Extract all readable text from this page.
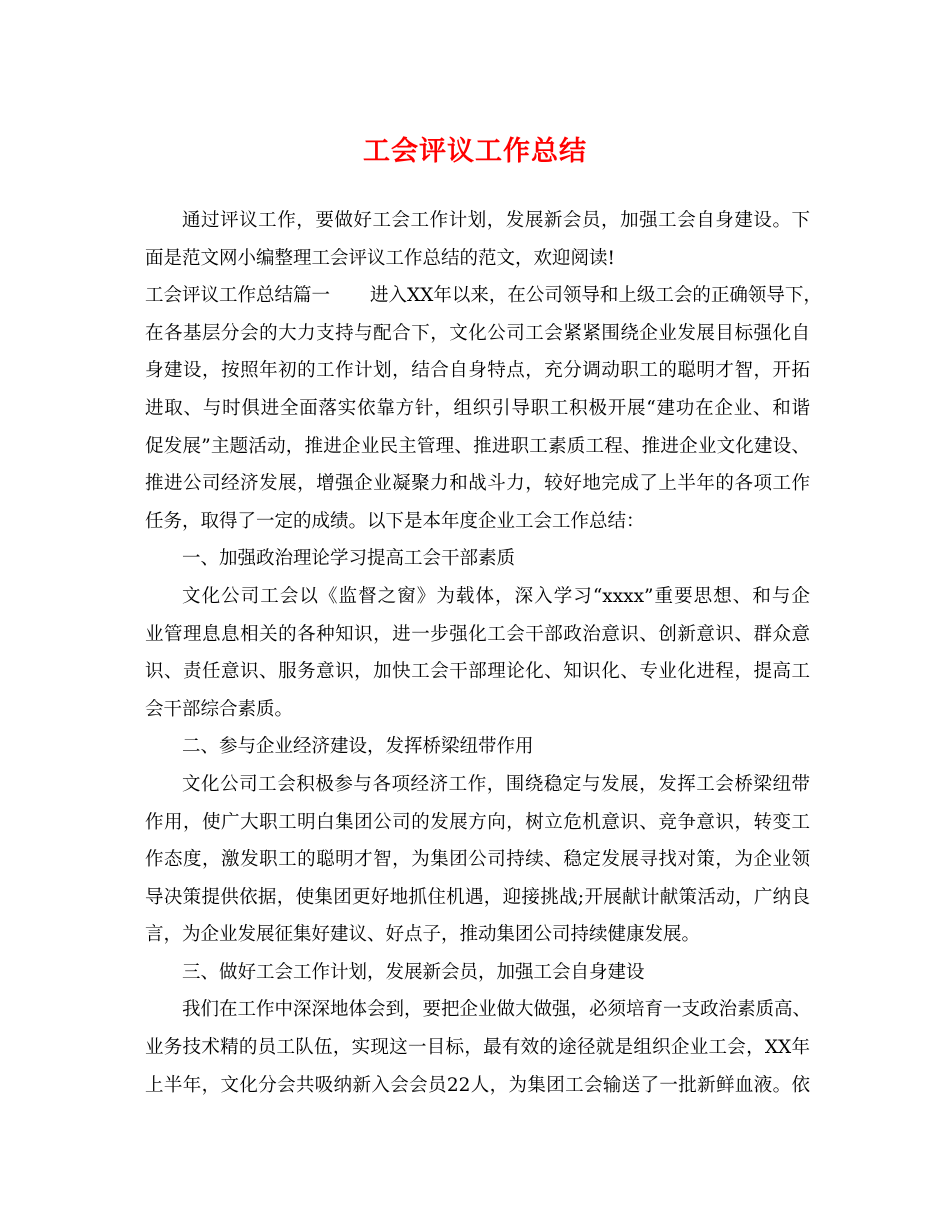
工会评议工作总结
通过评议工作，要做好工会工作计划，发展新会员，加强工会自身建设。下
面是范文网小编整理工会评议工作总结的范文，欢迎阅读!
工会评议工作总结篇一 进入XX年以来，在公司领导和上级工会的正确领导下，
在各基层分会的大力支持与配合下，文化公司工会紧紧围绕企业发展目标强化自
身建设，按照年初的工作计划，结合自身特点，充分调动职工的聪明才智，开拓
进取、与时俱进全面落实依靠方针，组织引导职工积极开展“建功在企业、和谐
促发展”主题活动，推进企业民主管理、推进职工素质工程、推进企业文化建设、
推进公司经济发展，增强企业凝聚力和战斗力，较好地完成了上半年的各项工作
任务，取得了一定的成绩。以下是本年度企业工会工作总结：
一、加强政治理论学习提高工会干部素质
文化公司工会以《监督之窗》为载体，深入学习“xxxx”重要思想、和与企
业管理息息相关的各种知识，进一步强化工会干部政治意识、创新意识、群众意
识、责任意识、服务意识，加快工会干部理论化、知识化、专业化进程，提高工
会干部综合素质。
二、参与企业经济建设，发挥桥梁纽带作用
文化公司工会积极参与各项经济工作，围绕稳定与发展，发挥工会桥梁纽带
作用，使广大职工明白集团公司的发展方向，树立危机意识、竞争意识，转变工
作态度，激发职工的聪明才智，为集团公司持续、稳定发展寻找对策，为企业领
导决策提供依据，使集团更好地抓住机遇，迎接挑战;开展献计献策活动，广纳良
言，为企业发展征集好建议、好点子，推动集团公司持续健康发展。
三、做好工会工作计划，发展新会员，加强工会自身建设
我们在工作中深深地体会到，要把企业做大做强，必须培育一支政治素质高、
业务技术精的员工队伍，实现这一目标，最有效的途径就是组织企业工会，XX年
上半年，文化分会共吸纳新入会会员22人，为集团工会输送了一批新鲜血液。依
